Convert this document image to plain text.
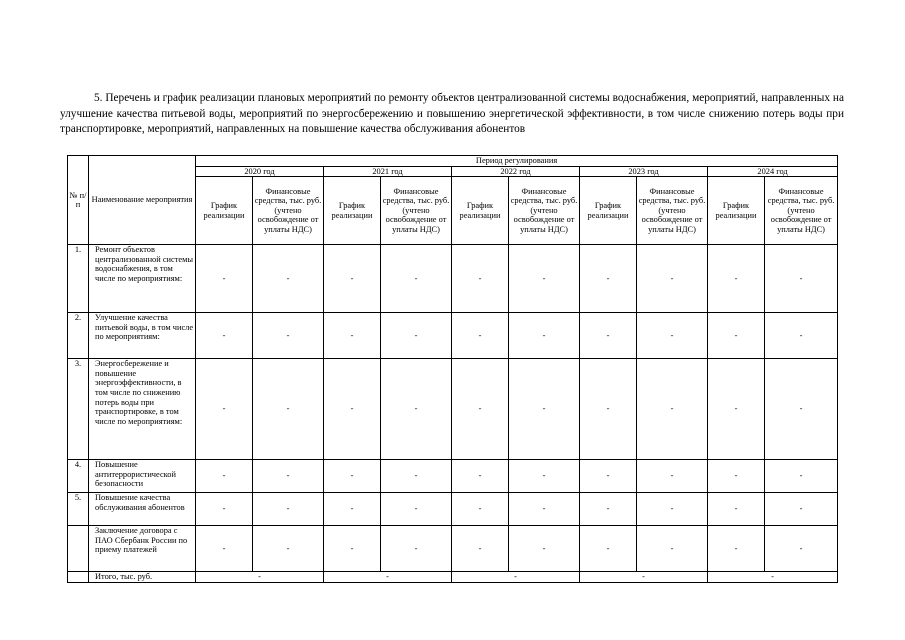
5. Перечень и график реализации плановых мероприятий по ремонту объектов централизованной системы водоснабжения, мероприятий, направленных на улучшение качества питьевой воды, мероприятий по энергосбережению и повышению энергетической эффективности, в том числе снижению потерь воды при транспортировке, мероприятий, направленных на повышение качества обслуживания абонентов

№ п/п	Наименование мероприятия	Период регулирования									
		2020 год		2021 год		2022 год		2023 год		2024 год	
		График реализации	Финансовые средства, тыс. руб. (учтено освобождение от уплаты НДС)	График реализации	Финансовые средства, тыс. руб. (учтено освобождение от уплаты НДС)	График реализации	Финансовые средства, тыс. руб. (учтено освобождение от уплаты НДС)	График реализации	Финансовые средства, тыс. руб. (учтено освобождение от уплаты НДС)	График реализации	Финансовые средства, тыс. руб. (учтено освобождение от уплаты НДС)
1.	Ремонт объектов централизованной системы водоснабжения, в том числе по мероприятиям:	-	-	-	-	-	-	-	-	-	-
2.	Улучшение качества питьевой воды, в том числе по мероприятиям:	-	-	-	-	-	-	-	-	-	-
3.	Энергосбережение и повышение энергоэффективности, в том числе по снижению потерь воды при транспортировке, в том числе по мероприятиям:	-	-	-	-	-	-	-	-	-	-
4.	Повышение антитеррористической безопасности	-	-	-	-	-	-	-	-	-	-
5.	Повышение качества обслуживания абонентов	-	-	-	-	-	-	-	-	-	-
	Заключение договора с ПАО Сбербанк России по приему платежей	-	-	-	-	-	-	-	-	-	-
	Итого, тыс. руб.	-		-		-		-		-	
